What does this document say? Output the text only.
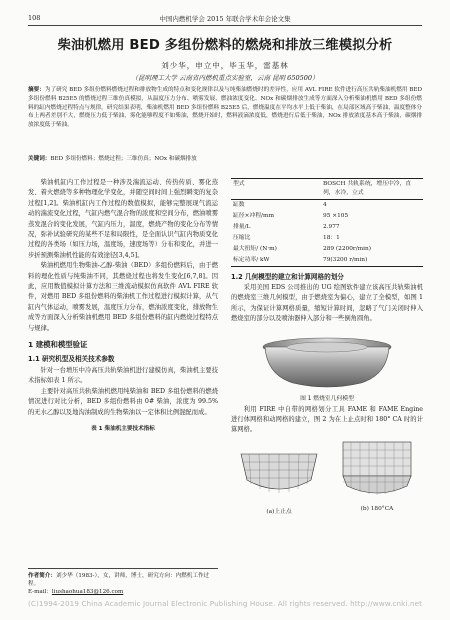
108	中国内燃机学会 2015 年联合学术年会论文集
柴油机燃用 BED 多组份燃料的燃烧和排放三维模拟分析
刘少华，申立中，毕玉华，雷基林
（昆明理工大学 云南省内燃机重点实验室，云南 昆明 650500）
摘要：为了研究 BED 多组份燃料燃烧过程和排放物生成的特点和变化规律以及与纯柴油燃烧时的差异性，应用 AVL FIRE 软件进行高压共轨柴油机燃用 BED 多组份燃料 B25E5 的燃烧过程三维仿真模拟，从温度压力分布、喷雾发展、燃油浓度变化、NOx 和碳烟排放生成等方面深入分析柴油机燃用 BED 多组份燃料的缸内燃烧过程特点与规律。研究结果表明，柴油机燃用 BED 多组份燃料 B25E5 后，燃烧温度在平均水平上低于柴油，在局部区域高于柴油，温度整体分布上两者差别不大，燃烧压力低于柴油，雾化能够程度不如柴油，燃烧开始时，燃料液滴浓度低，燃烧进行后低于柴油，NOx 排放浓度基本高于柴油，碳烟排放浓度低于柴油。
关键词：BED 多组份燃料；燃烧过程；三维仿真；NOx 和碳烟排放

柴油机缸内工作过程是一种涉及湍流运动、传热传质、雾化蒸发、着火燃烧等多种物理化学变化，并随空间时间上强烈瞬变的复杂过程[1,2]。柴油机缸内工作过程的数值模拟，能够完整展现气流运动的湍流变化过程，气缸内燃气混合物的浓度和空间分布，燃油喷雾蒸发混合的变化发展，气缸内压力，温度，燃烧产物的变化分布等情况，弥补试验研究的某些不足和局限性，是全面认识气缸内物质变化过程的各类场（如压力场，温度场，速度场等）分布和变化，并进一步折预测柴油机性能的有效途径[3,4,5]。

柴油机燃用生物柴油-乙醇-柴油（BED）多组份燃料后，由于燃料的理化性质与纯柴油不同，其燃烧过程也将发生变化[6,7,8]。因此，应用数值模拟计算方法和三维流动模拟仿真软件 AVL FIRE 软件，对燃用 BED 多组份燃料的柴油机工作过程进行模拟计算，从气缸内气体运动，喷雾发展，温度压力分布，燃油浓度变化，排放物生成等方面深入分析柴油机燃用 BED 多组份燃料的缸内燃烧过程特点与规律。

1 建模和模型验证
1.1 研究机型及相关技术参数

针对一台增压中冷高压共轨柴油机进行建模仿真，柴油机主要技术指标如表 1 所示。

主要针对高压共轨柴油机燃用纯柴油和 BED 多组份燃料的燃烧情况进行对比分析，BED 多组份燃料由 0# 柴油，浓度为 99.5%的无水乙醇以及地沟油制成的生物柴油以一定体积比例混配而成。

表 1 柴油机主要技术指标
型式	BOSCH 共轨系统，增压中冷，直列，水冷，立式
缸数	4
缸径×冲程/mm	95 ×105
排量/L	2.977
压缩比	18：1
最大扭矩/ (N·m)	289 (2200r/min)
标定功率/ kW	79(3200 r/min)
1.2 几何模型的建立和计算网格的划分

采用美国 EDS 公司推出的 UG 绘图软件建立该高压共轨柴油机的燃烧室三维几何模型，由于燃烧室为偏心，建立了全模型，如图 1 所示，为保证计算网格质量，缩短计算时间，忽略了气门关闭时伸入燃烧室的部分以及喷油器伸入部分和一些倒角圆角。

图 1 燃烧室几何模型

利用 FIRE 中自带的网格划分工具 FAME 和 FAME Engine 进行体网格和动网格的建立，图 2 为在上止点时和 180° CA 时的计算网格。

(a)上止点	(b) 180°CA
作者简介：刘少华（1983-），女，讲师，博士，研究方向：内燃机工作过程。
E-mail：liushaohua183@126.com
(C)1994-2019 China Academic Journal Electronic Publishing House. All rights reserved. http://www.cnki.net
